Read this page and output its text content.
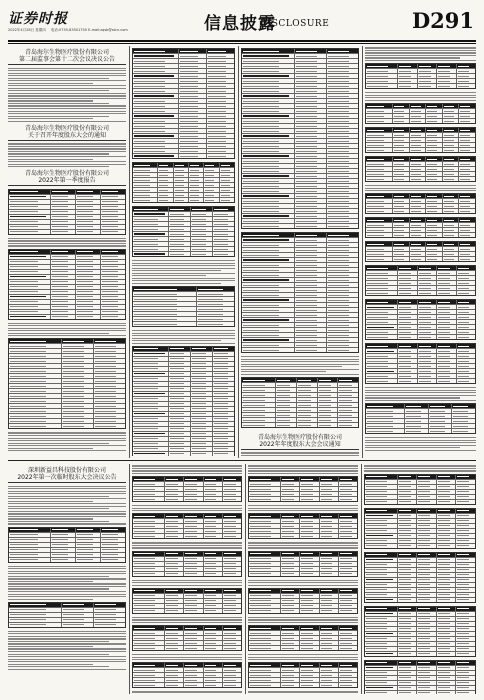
证券时报
2022年4月28日 星期四 电话:0755-83501750 E-mail:zqsb@stcn.com	信息披露
DISCLOSURE	D291
青岛海尔生物医疗股份有限公司
第二届监事会第十二次会议决议公告
青岛海尔生物医疗股份有限公司
关于召开年度股东大会的通知
青岛海尔生物医疗股份有限公司
2022年第一季度报告
青岛海尔生物医疗股份有限公司
2022年年度股东大会会议通知
深圳新益昌科技股份有限公司
2022年第一次临时股东大会决议公告
